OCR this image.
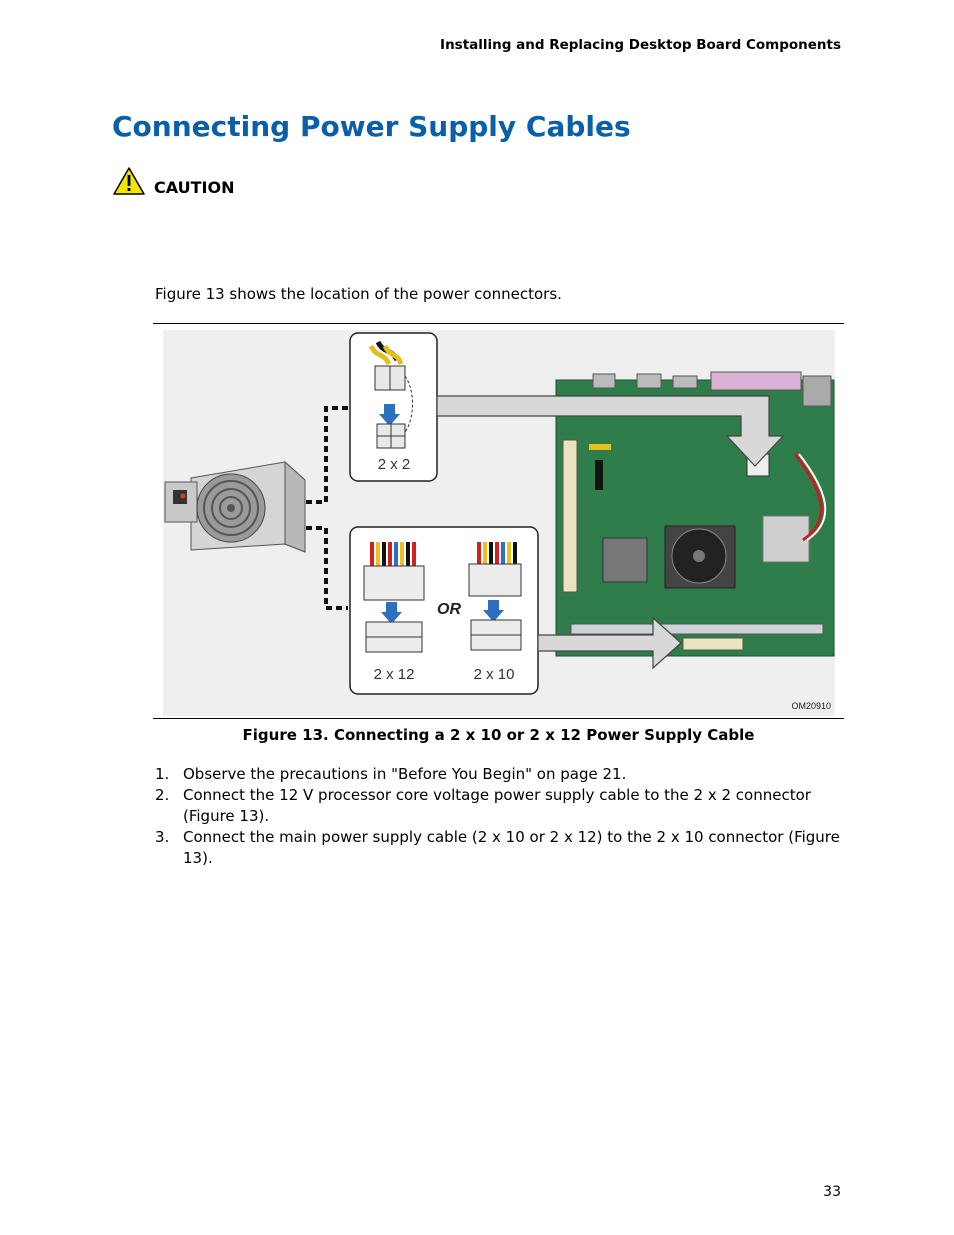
Installing and Replacing Desktop Board Components
Connecting Power Supply Cables
CAUTION
Figure 13 shows the location of the power connectors.
2 x 2
OR
2 x 12	2 x 10
OM20910
Figure 13. Connecting a 2 x 10 or 2 x 12 Power Supply Cable
1. Observe the precautions in "Before You Begin" on page 21.
2. Connect the 12 V processor core voltage power supply cable to the 2 x 2 connector (Figure 13).
3. Connect the main power supply cable (2 x 10 or 2 x 12) to the 2 x 10 connector (Figure 13).
33
